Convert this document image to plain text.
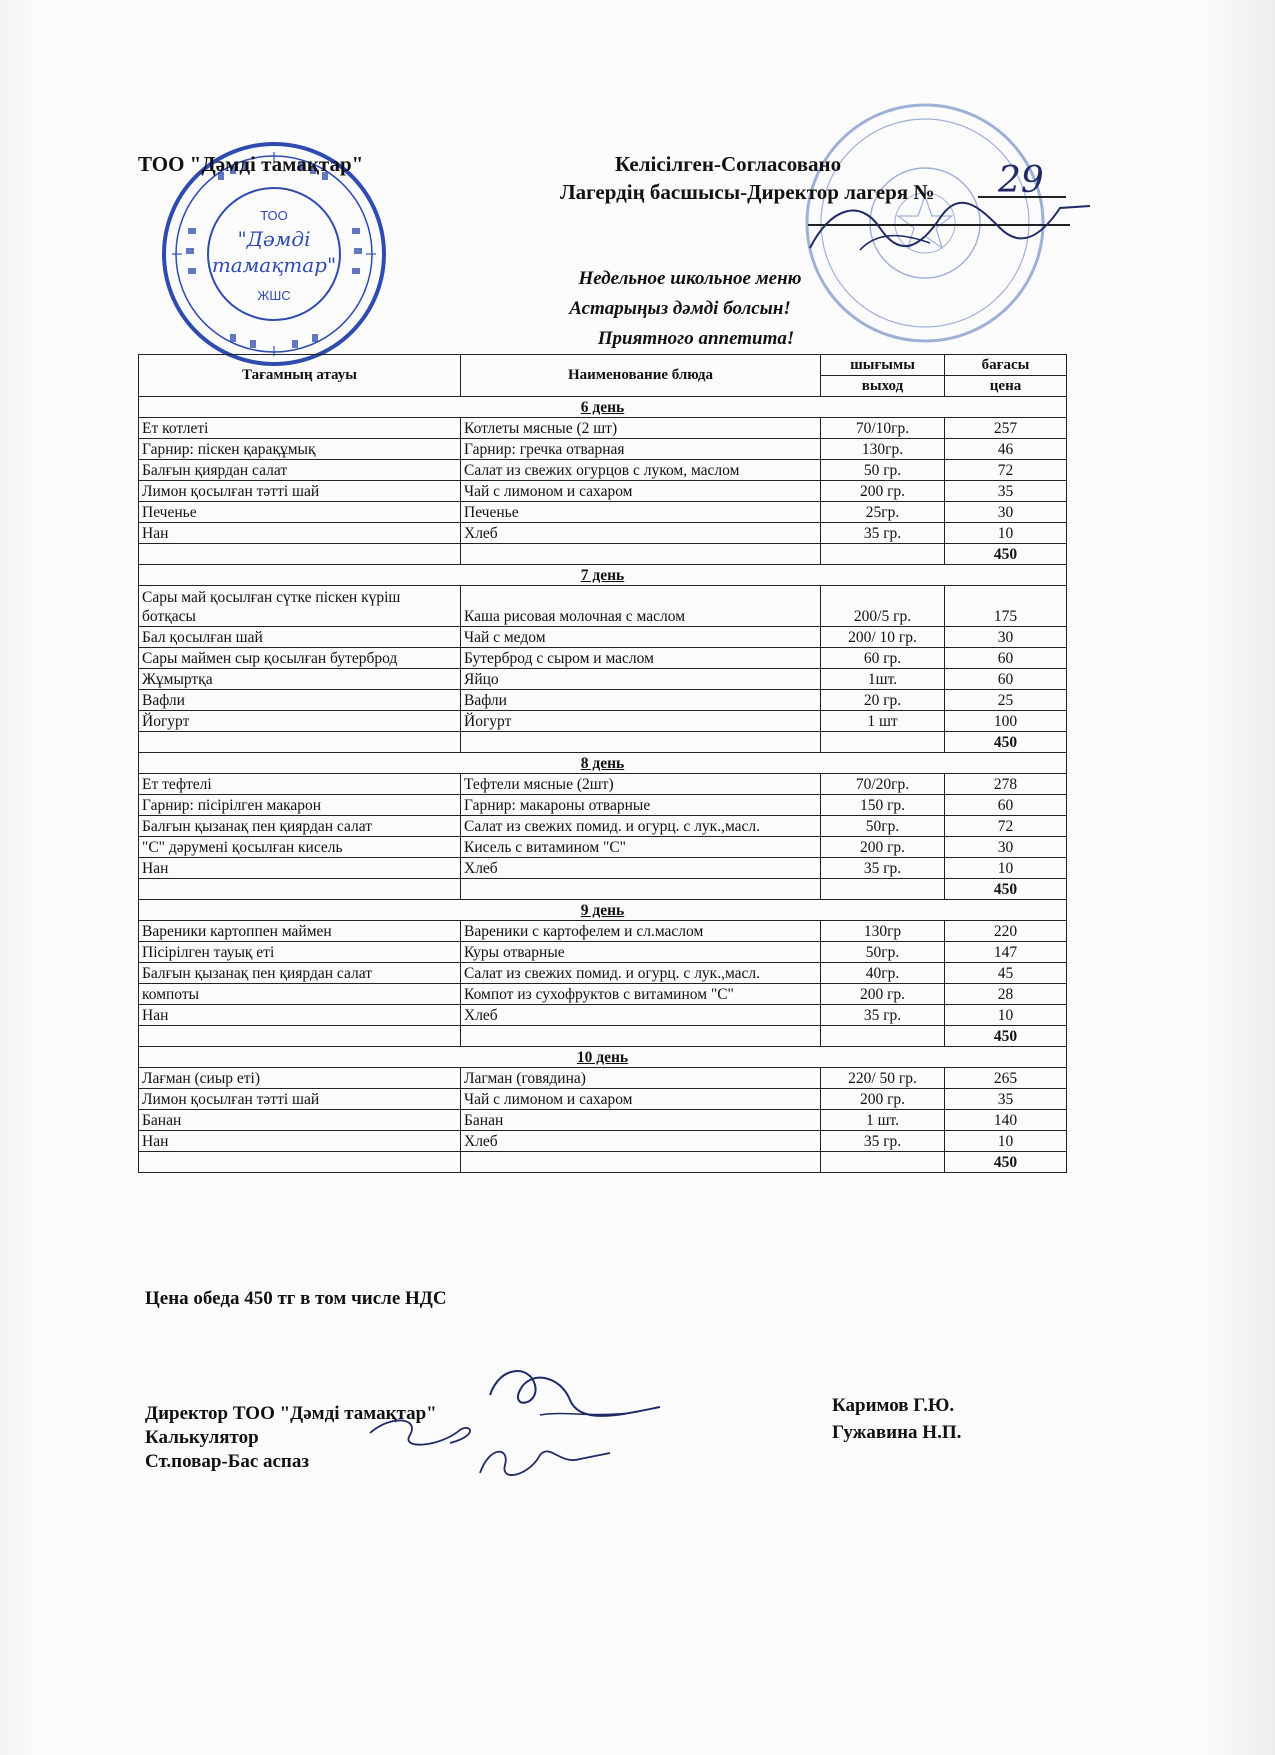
ТОО
"Дәмді
тамақтар"
ЖШС
ТОО "Дәмді тамақтар"	Келісілген-Согласовано
Лагердің басшысы-Директор лагеря № 29
Недельное школьное меню
Астарыңыз дәмді болсын!
Приятного аппетита!
Тағамның атауы	Наименование блюда	шығымы	бағасы
		выход	цена
6 день			
Ет котлеті	Котлеты мясные (2 шт)	70/10гр.	257
Гарнир: піскен қарақұмық	Гарнир: гречка отварная	130гр.	46
Балғын қиярдан салат	Салат из свежих огурцов с луком, маслом	50 гр.	72
Лимон қосылған тәтті шай	Чай с лимоном и сахаром	200 гр.	35
Печенье	Печенье	25гр.	30
Нан	Хлеб	35 гр.	10
			450
7 день			
Сары май қосылған сүтке піскен күріш ботқасы	Каша рисовая молочная с маслом	200/5 гр.	175
Бал қосылған шай	Чай с медом	200/ 10 гр.	30
Сары маймен сыр қосылған бутерброд	Бутерброд с сыром и маслом	60 гр.	60
Жұмыртқа	Яйцо	1шт.	60
Вафли	Вафли	20 гр.	25
Йогурт	Йогурт	1 шт	100
			450
8 день			
Ет тефтелі	Тефтели мясные (2шт)	70/20гр.	278
Гарнир: пісірілген макарон	Гарнир: макароны отварные	150 гр.	60
Балғын қызанақ пен қиярдан салат	Салат из свежих помид. и огурц. с лук.,масл.	50гр.	72
"С" дәрумені қосылған кисель	Кисель с витамином "С"	200 гр.	30
Нан	Хлеб	35 гр.	10
			450
9 день			
Вареники картоппен маймен	Вареники с картофелем и сл.маслом	130гр	220
Пісірілген тауық еті	Куры отварные	50гр.	147
Балғын қызанақ пен қиярдан салат	Салат из свежих помид. и огурц. с лук.,масл.	40гр.	45
компоты	Компот из сухофруктов с витамином "С"	200 гр.	28
Нан	Хлеб	35 гр.	10
			450
10 день			
Лағман (сиыр еті)	Лагман (говядина)	220/ 50 гр.	265
Лимон қосылған тәтті шай	Чай с лимоном и сахаром	200 гр.	35
Банан	Банан	1 шт.	140
Нан	Хлеб	35 гр.	10
			450
Цена обеда 450 тг в том числе НДС
Директор ТОО "Дәмді тамақтар"
Калькулятор
Ст.повар-Бас аспаз
Каримов Г.Ю.
Гужавина Н.П.
